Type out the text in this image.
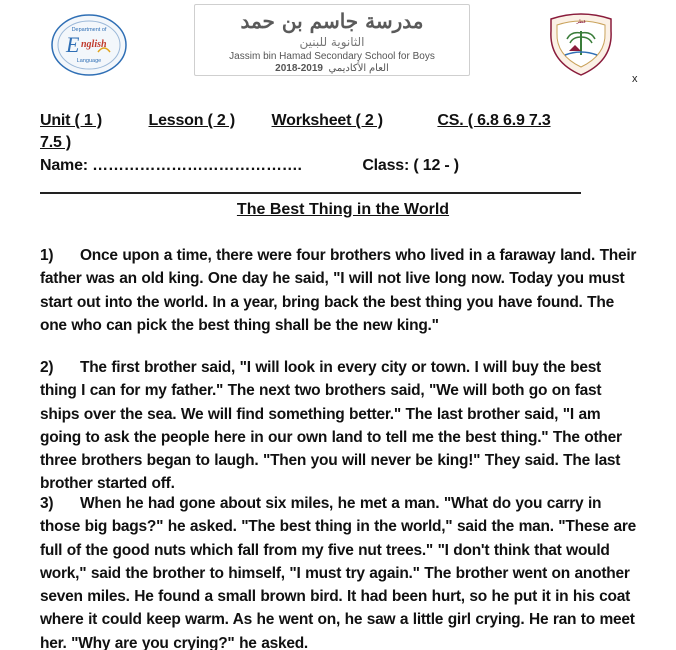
Department of
E nglish
Language
مدرسة جاسم بن حمد
الثانوية للبنين
Jassim bin Hamad Secondary School for Boys
2018-2019 العام الأكاديمي
قطر
x
Unit ( 1 )	Lesson ( 2 ) Worksheet ( 2 )	CS. ( 6.8 6.9 7.3
7.5 )
Name: ………………………………….	Class: ( 12 - )
The Best Thing in the World
1) Once upon a time, there were four brothers who lived in a faraway land. Their father was an old king. One day he said, "I will not live long now. Today you must start out into the world. In a year, bring back the best thing you have found. The one who can pick the best thing shall be the new king."
2) The first brother said, "I will look in every city or town. I will buy the best thing I can for my father." The next two brothers said, "We will both go on fast ships over the sea. We will find something better." The last brother said, "I am going to ask the people here in our own land to tell me the best thing." The other three brothers began to laugh. "Then you will never be king!" They said. The last brother started off.
3) When he had gone about six miles, he met a man. "What do you carry in those big bags?" he asked. "The best thing in the world," said the man. "These are full of the good nuts which fall from my five nut trees." "I don't think that would work," said the brother to himself, "I must try again." The brother went on another seven miles. He found a small brown bird. It had been hurt, so he put it in his coat where it could keep warm. As he went on, he saw a little girl crying. He ran to meet her. "Why are you crying?" he asked.
